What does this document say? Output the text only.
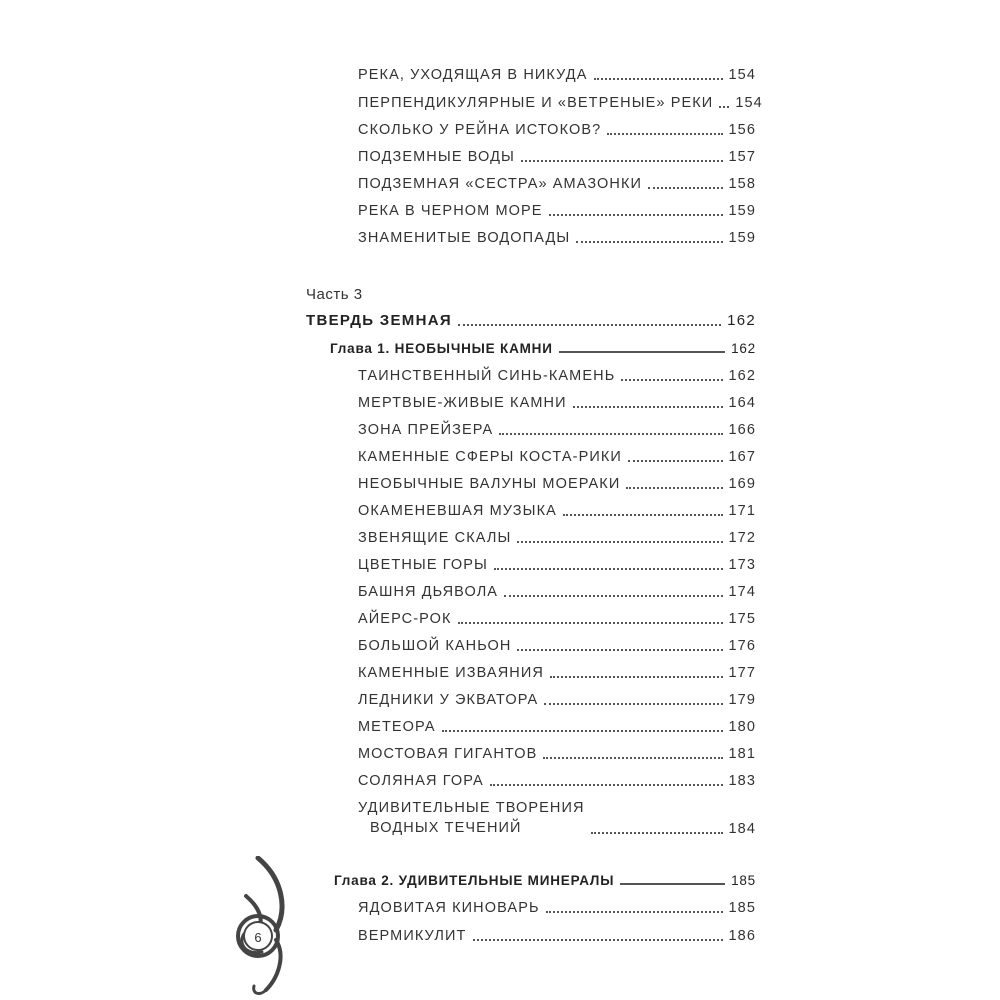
РЕКА, УХОДЯЩАЯ В НИКУДА	154
ПЕРПЕНДИКУЛЯРНЫЕ И «ВЕТРЕНЫЕ» РЕКИ 154
СКОЛЬКО У РЕЙНА ИСТОКОВ?	156
ПОДЗЕМНЫЕ ВОДЫ	157
ПОДЗЕМНАЯ «СЕСТРА» АМАЗОНКИ	158
РЕКА В ЧЕРНОМ МОРЕ	159
ЗНАМЕНИТЫЕ ВОДОПАДЫ	159
Часть 3
ТВЕРДЬ ЗЕМНАЯ	162
Глава 1. НЕОБЫЧНЫЕ КАМНИ	162
ТАИНСТВЕННЫЙ СИНЬ-КАМЕНЬ	162
МЕРТВЫЕ-ЖИВЫЕ КАМНИ	164
ЗОНА ПРЕЙЗЕРА	166
КАМЕННЫЕ СФЕРЫ КОСТА-РИКИ	167
НЕОБЫЧНЫЕ ВАЛУНЫ МОЕРАКИ	169
ОКАМЕНЕВШАЯ МУЗЫКА	171
ЗВЕНЯЩИЕ СКАЛЫ	172
ЦВЕТНЫЕ ГОРЫ	173
БАШНЯ ДЬЯВОЛА	174
АЙЕРС-РОК	175
БОЛЬШОЙ КАНЬОН	176
КАМЕННЫЕ ИЗВАЯНИЯ	177
ЛЕДНИКИ У ЭКВАТОРА	179
МЕТЕОРА	180
МОСТОВАЯ ГИГАНТОВ	181
СОЛЯНАЯ ГОРА	183
УДИВИТЕЛЬНЫЕ ТВОРЕНИЯ
ВОДНЫХ ТЕЧЕНИЙ	184
Глава 2. УДИВИТЕЛЬНЫЕ МИНЕРАЛЫ	185
ЯДОВИТАЯ КИНОВАРЬ	185
ВЕРМИКУЛИТ	186
6
